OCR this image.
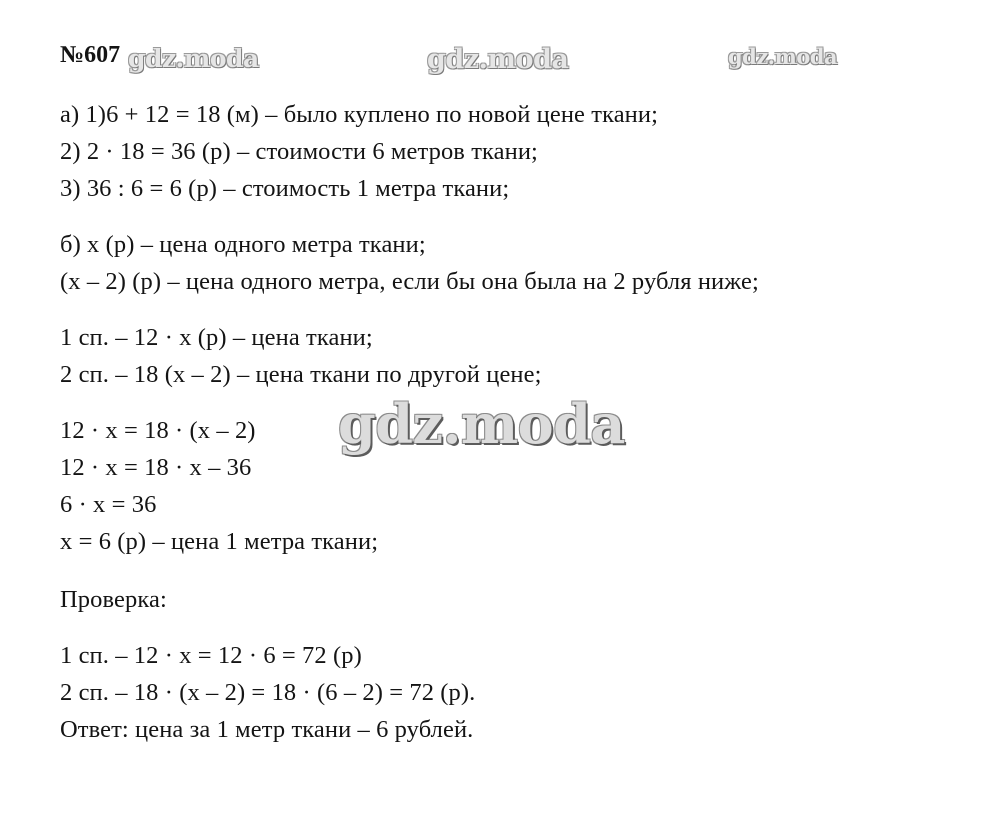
№607 gdz.moda	gdz.moda	gdz.moda
а) 1)6 + 12 = 18 (м) – было куплено по новой цене ткани;
2) 2 · 18 = 36 (р) – стоимости 6 метров ткани;
3) 36 : 6 = 6 (р) – стоимость 1 метра ткани;
б) х (р) – цена одного метра ткани;
(х – 2) (р) – цена одного метра, если бы она была на 2 рубля ниже;
1 сп. – 12 · х (р) – цена ткани;
2 сп. – 18 (х – 2) – цена ткани по другой цене;
12 · х = 18 · (х – 2)
12 · х = 18 · х – 36
6 · х = 36
х = 6 (р) – цена 1 метра ткани;
Проверка:
1 сп. – 12 · х = 12 · 6 = 72 (р)
2 сп. – 18 · (х – 2) = 18 · (6 – 2) = 72 (р).
Ответ: цена за 1 метр ткани – 6 рублей.
gdz.moda
